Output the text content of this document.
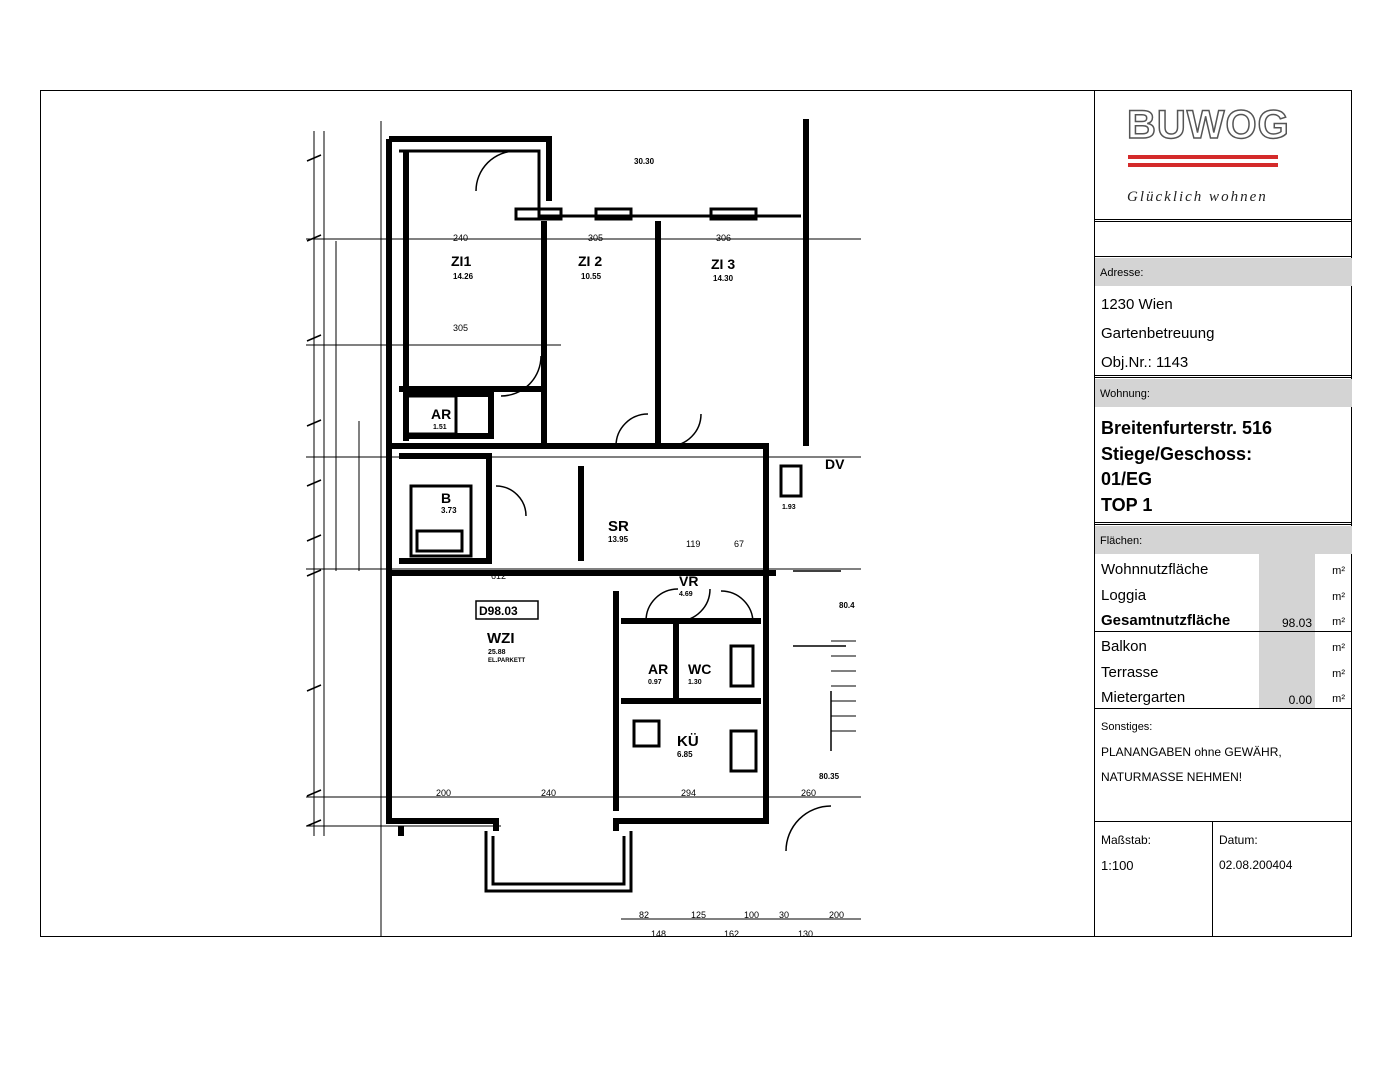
ZI1
14.26
ZI 2
10.55
ZI 3
14.30
AR
1.51
B
3.73
SR
13.95
D98.03
WZI
25.88
EL.PARKETT
VR
4.69
AR
0.97
WC
1.30
KÜ
6.85
DV
1.93
30.30
80.35
80.4
240	305	306
305
612
200	240	294	260
119	67
82	125	100 30	200
148	162	130
BUWOG
Glücklich wohnen
Adresse:
1230 Wien
Gartenbetreuung
Obj.Nr.: 1143
Wohnung:
Breitenfurterstr. 516
Stiege/Geschoss:
01/EG
TOP 1
Flächen:
Wohnnutzfläche	m²
Loggia	m²
Gesamtnutzfläche	98.03 m²
Balkon	m²
Terrasse	m²
Mietergarten	0.00 m²
Sonstiges:
PLANANGABEN ohne GEWÄHR,
NATURMASSE NEHMEN!
Maßstab:
1:100
Datum:
02.08.200404
